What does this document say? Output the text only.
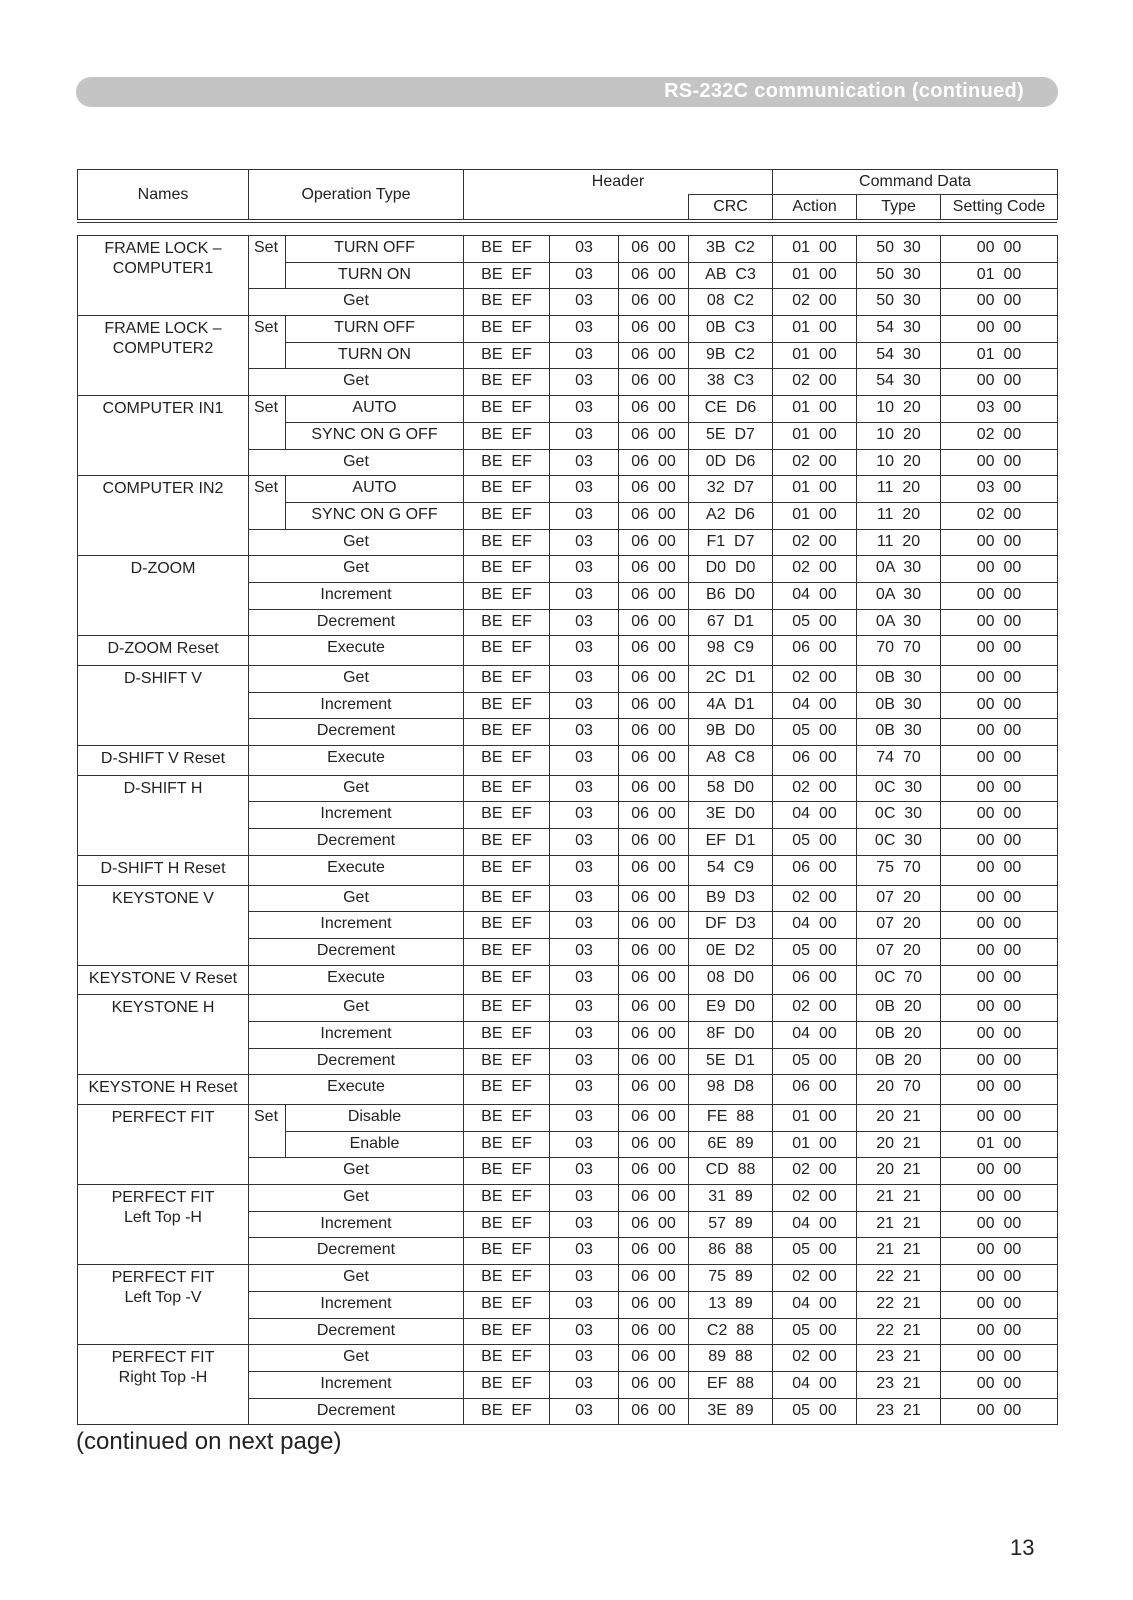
RS-232C communication (continued)
Names	Operation Type	Header		Command Data		
			CRC	Action	Type	Setting Code
FRAME LOCK –
COMPUTER1	Set	TURN OFF	BE  EF	03	06  00	3B  C2	01  00	50  30	00  00
		TURN ON	BE  EF	03	06  00	AB  C3	01  00	50  30	01  00
	Get		BE  EF	03	06  00	08  C2	02  00	50  30	00  00
FRAME LOCK –
COMPUTER2	Set	TURN OFF	BE  EF	03	06  00	0B  C3	01  00	54  30	00  00
		TURN ON	BE  EF	03	06  00	9B  C2	01  00	54  30	01  00
	Get		BE  EF	03	06  00	38  C3	02  00	54  30	00  00
COMPUTER IN1	Set	AUTO	BE  EF	03	06  00	CE  D6	01  00	10  20	03  00
		SYNC ON G OFF	BE  EF	03	06  00	5E  D7	01  00	10  20	02  00
	Get		BE  EF	03	06  00	0D  D6	02  00	10  20	00  00
COMPUTER IN2	Set	AUTO	BE  EF	03	06  00	32  D7	01  00	11  20	03  00
		SYNC ON G OFF	BE  EF	03	06  00	A2  D6	01  00	11  20	02  00
	Get		BE  EF	03	06  00	F1  D7	02  00	11  20	00  00
D-ZOOM	Get		BE  EF	03	06  00	D0  D0	02  00	0A  30	00  00
	Increment		BE  EF	03	06  00	B6  D0	04  00	0A  30	00  00
	Decrement		BE  EF	03	06  00	67  D1	05  00	0A  30	00  00
D-ZOOM Reset	Execute		BE  EF	03	06  00	98  C9	06  00	70  70	00  00
D-SHIFT V	Get		BE  EF	03	06  00	2C  D1	02  00	0B  30	00  00
	Increment		BE  EF	03	06  00	4A  D1	04  00	0B  30	00  00
	Decrement		BE  EF	03	06  00	9B  D0	05  00	0B  30	00  00
D-SHIFT V Reset	Execute		BE  EF	03	06  00	A8  C8	06  00	74  70	00  00
D-SHIFT H	Get		BE  EF	03	06  00	58  D0	02  00	0C  30	00  00
	Increment		BE  EF	03	06  00	3E  D0	04  00	0C  30	00  00
	Decrement		BE  EF	03	06  00	EF  D1	05  00	0C  30	00  00
D-SHIFT H Reset	Execute		BE  EF	03	06  00	54  C9	06  00	75  70	00  00
KEYSTONE V	Get		BE  EF	03	06  00	B9  D3	02  00	07  20	00  00
	Increment		BE  EF	03	06  00	DF  D3	04  00	07  20	00  00
	Decrement		BE  EF	03	06  00	0E  D2	05  00	07  20	00  00
KEYSTONE V Reset	Execute		BE  EF	03	06  00	08  D0	06  00	0C  70	00  00
KEYSTONE H	Get		BE  EF	03	06  00	E9  D0	02  00	0B  20	00  00
	Increment		BE  EF	03	06  00	8F  D0	04  00	0B  20	00  00
	Decrement		BE  EF	03	06  00	5E  D1	05  00	0B  20	00  00
KEYSTONE H Reset	Execute		BE  EF	03	06  00	98  D8	06  00	20  70	00  00
PERFECT FIT	Set	Disable	BE  EF	03	06  00	FE  88	01  00	20  21	00  00
		Enable	BE  EF	03	06  00	6E  89	01  00	20  21	01  00
	Get		BE  EF	03	06  00	CD  88	02  00	20  21	00  00
PERFECT FIT
Left Top -H	Get		BE  EF	03	06  00	31  89	02  00	21  21	00  00
	Increment		BE  EF	03	06  00	57  89	04  00	21  21	00  00
	Decrement		BE  EF	03	06  00	86  88	05  00	21  21	00  00
PERFECT FIT
Left Top -V	Get		BE  EF	03	06  00	75  89	02  00	22  21	00  00
	Increment		BE  EF	03	06  00	13  89	04  00	22  21	00  00
	Decrement		BE  EF	03	06  00	C2  88	05  00	22  21	00  00
PERFECT FIT
Right Top -H	Get		BE  EF	03	06  00	89  88	02  00	23  21	00  00
	Increment		BE  EF	03	06  00	EF  88	04  00	23  21	00  00
	Decrement		BE  EF	03	06  00	3E  89	05  00	23  21	00  00
(continued on next page)
13
